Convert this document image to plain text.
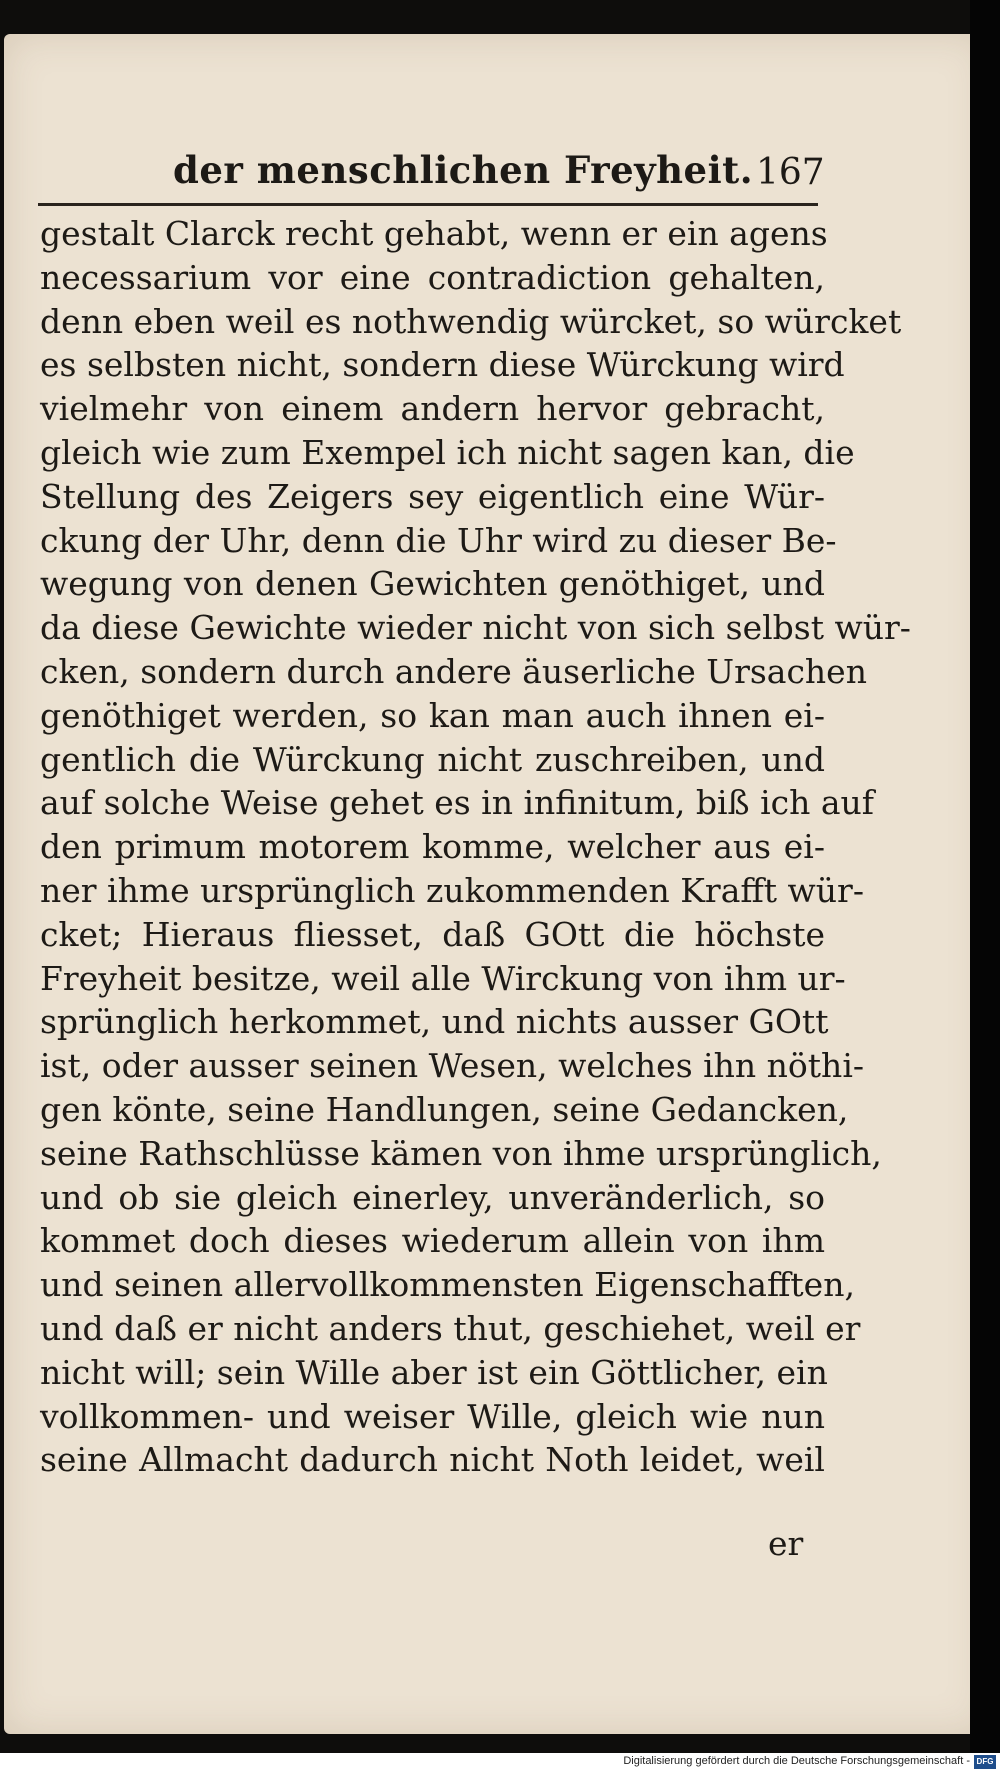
der menschlichen Freyheit. 167
gestalt Clarck recht gehabt, wenn er ein agens
necessarium vor eine contradiction gehalten,
denn eben weil es nothwendig würcket, so würcket
es selbsten nicht, sondern diese Würckung wird
vielmehr von einem andern hervor gebracht,
gleich wie zum Exempel ich nicht sagen kan, die
Stellung des Zeigers sey eigentlich eine Wür-
ckung der Uhr, denn die Uhr wird zu dieser Be-
wegung von denen Gewichten genöthiget, und
da diese Gewichte wieder nicht von sich selbst wür-
cken, sondern durch andere äuserliche Ursachen
genöthiget werden, so kan man auch ihnen ei-
gentlich die Würckung nicht zuschreiben, und
auf solche Weise gehet es in infinitum, biß ich auf
den primum motorem komme, welcher aus ei-
ner ihme ursprünglich zukommenden Krafft wür-
cket; Hieraus fliesset, daß GOtt die höchste
Freyheit besitze, weil alle Wirckung von ihm ur-
sprünglich herkommet, und nichts ausser GOtt
ist, oder ausser seinen Wesen, welches ihn nöthi-
gen könte, seine Handlungen, seine Gedancken,
seine Rathschlüsse kämen von ihme ursprünglich,
und ob sie gleich einerley, unveränderlich, so
kommet doch dieses wiederum allein von ihm
und seinen allervollkommensten Eigenschafften,
und daß er nicht anders thut, geschiehet, weil er
nicht will; sein Wille aber ist ein Göttlicher, ein
vollkommen- und weiser Wille, gleich wie nun
seine Allmacht dadurch nicht Noth leidet, weil
er
Digitalisierung gefördert durch die Deutsche Forschungsgemeinschaft - DFG
